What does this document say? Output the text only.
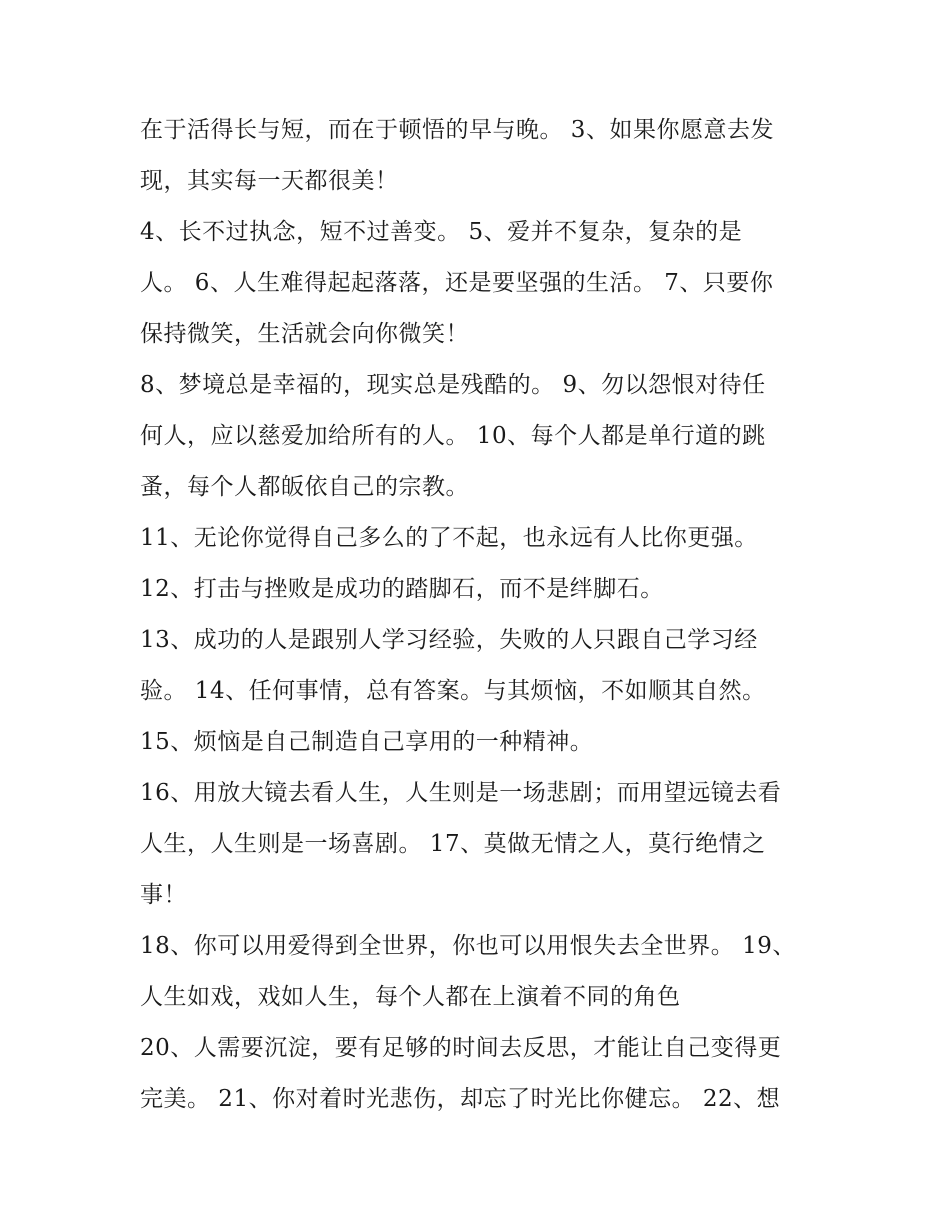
在于活得长与短，而在于顿悟的早与晚。 3、如果你愿意去发
现，其实每一天都很美！
4、长不过执念，短不过善变。 5、爱并不复杂，复杂的是
人。 6、人生难得起起落落，还是要坚强的生活。 7、只要你
保持微笑，生活就会向你微笑！
8、梦境总是幸福的，现实总是残酷的。 9、勿以怨恨对待任
何人，应以慈爱加给所有的人。 10、每个人都是单行道的跳
蚤，每个人都皈依自己的宗教。
11、无论你觉得自己多么的了不起，也永远有人比你更强。
12、打击与挫败是成功的踏脚石，而不是绊脚石。
13、成功的人是跟别人学习经验，失败的人只跟自己学习经
验。 14、任何事情，总有答案。与其烦恼，不如顺其自然。
15、烦恼是自己制造自己享用的一种精神。
16、用放大镜去看人生，人生则是一场悲剧；而用望远镜去看
人生，人生则是一场喜剧。 17、莫做无情之人，莫行绝情之
事！
18、你可以用爱得到全世界，你也可以用恨失去全世界。 19、
人生如戏，戏如人生，每个人都在上演着不同的角色
20、人需要沉淀，要有足够的时间去反思，才能让自己变得更
完美。 21、你对着时光悲伤，却忘了时光比你健忘。 22、想
